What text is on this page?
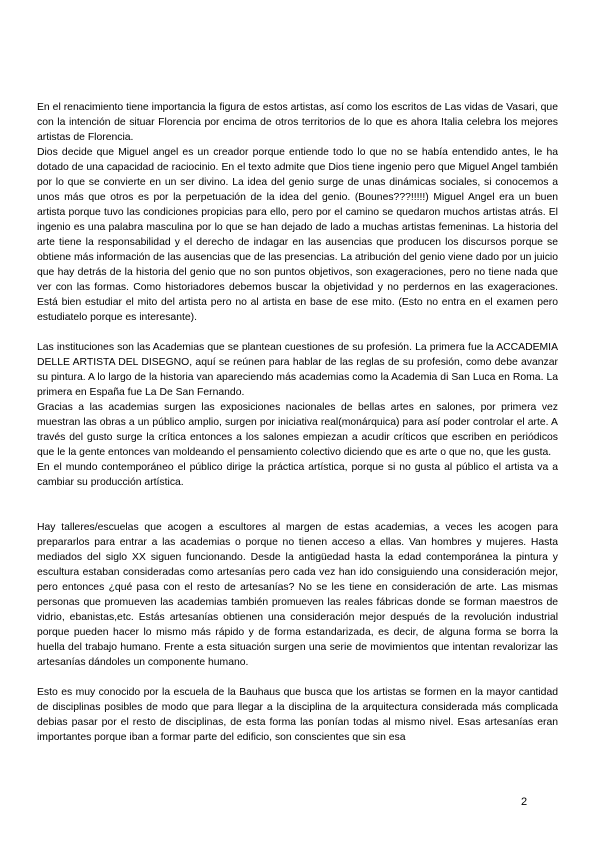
En el renacimiento tiene importancia la figura de estos artistas, así como los escritos de Las vidas de Vasari, que con la intención de situar Florencia por encima de otros territorios de lo que es ahora Italia celebra los mejores artistas de Florencia.

Dios decide que Miguel angel es un creador porque entiende todo lo que no se había entendido antes, le ha dotado de una capacidad de raciocinio. En el texto admite que Dios tiene ingenio pero que Miguel Angel también por lo que se convierte en un ser divino. La idea del genio surge de unas dinámicas sociales, si conocemos a unos más que otros es por la perpetuación de la idea del genio. (Bounes???!!!!!) Miguel Angel era un buen artista porque tuvo las condiciones propicias para ello, pero por el camino se quedaron muchos artistas atrás. El ingenio es una palabra masculina por lo que se han dejado de lado a muchas artistas femeninas. La historia del arte tiene la responsabilidad y el derecho de indagar en las ausencias que producen los discursos porque se obtiene más información de las ausencias que de las presencias. La atribución del genio viene dado por un juicio que hay detrás de la historia del genio que no son puntos objetivos, son exageraciones, pero no tiene nada que ver con las formas. Como historiadores debemos buscar la objetividad y no perdernos en las exageraciones. Está bien estudiar el mito del artista pero no al artista en base de ese mito. (Esto no entra en el examen pero estudiatelo porque es interesante).

Las instituciones son las Academias que se plantean cuestiones de su profesión. La primera fue la ACCADEMIA DELLE ARTISTA DEL DISEGNO, aquí se reúnen para hablar de las reglas de su profesión, como debe avanzar su pintura. A lo largo de la historia van apareciendo más academias como la Academia di San Luca en Roma. La primera en España fue La De San Fernando.

Gracias a las academias surgen las exposiciones nacionales de bellas artes en salones, por primera vez muestran las obras a un público amplio, surgen por iniciativa real(monárquica) para así poder controlar el arte. A través del gusto surge la crítica entonces a los salones empiezan a acudir críticos que escriben en periódicos que le la gente entonces van moldeando el pensamiento colectivo diciendo que es arte o que no, que les gusta.

En el mundo contemporáneo el público dirige la práctica artística, porque si no gusta al público el artista va a cambiar su producción artística.

Hay talleres/escuelas que acogen a escultores al margen de estas academias, a veces les acogen para prepararlos para entrar a las academias o porque no tienen acceso a ellas. Van hombres y mujeres. Hasta mediados del siglo XX siguen funcionando. Desde la antigüedad hasta la edad contemporánea la pintura y escultura estaban consideradas como artesanías pero cada vez han ido consiguiendo una consideración mejor, pero entonces ¿qué pasa con el resto de artesanías? No se les tiene en consideración de arte. Las mismas personas que promueven las academias también promueven las reales fábricas donde se forman maestros de vidrio, ebanistas,etc. Estás artesanías obtienen una consideración mejor después de la revolución industrial porque pueden hacer lo mismo más rápido y de forma estandarizada, es decir, de alguna forma se borra la huella del trabajo humano. Frente a esta situación surgen una serie de movimientos que intentan revalorizar las artesanías dándoles un componente humano.

Esto es muy conocido por la escuela de la Bauhaus que busca que los artistas se formen en la mayor cantidad de disciplinas posibles de modo que para llegar a la disciplina de la arquitectura considerada más complicada debias pasar por el resto de disciplinas, de esta forma las ponían todas al mismo nivel. Esas artesanías eran importantes porque iban a formar parte del edificio, son conscientes que sin esa

2
